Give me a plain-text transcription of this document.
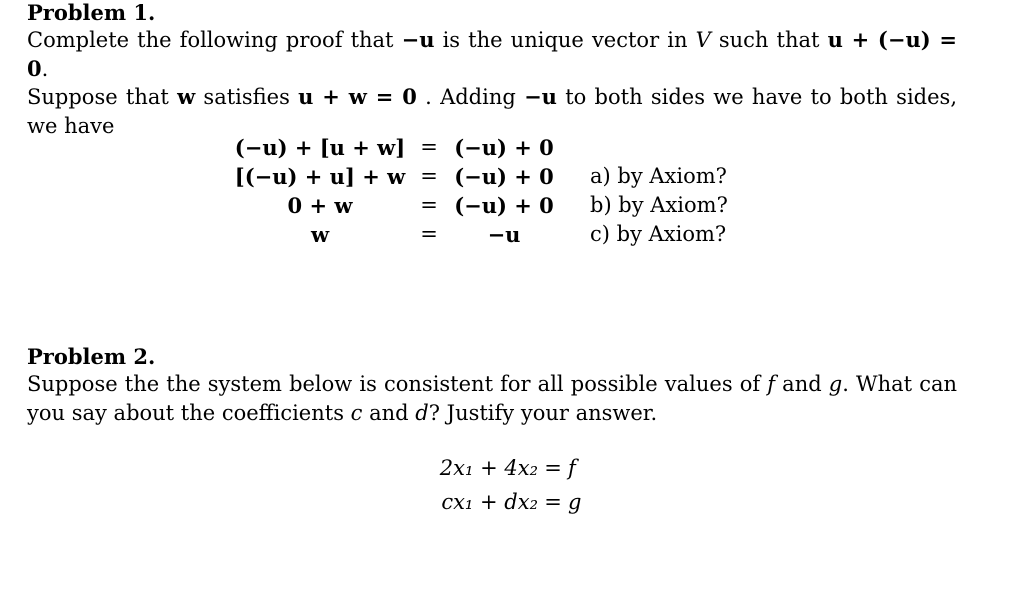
Problem 1.
Complete the following proof that −u is the unique vector in V such that u + (−u) = 0.
Suppose that w satisfies u + w = 0 . Adding −u to both sides we have to both sides, we have
(−u) + [u + w] = (−u) + 0
[(−u) + u] + w = (−u) + 0 a) by Axiom?
0 + w	= (−u) + 0 b) by Axiom?
w	=	−u	c) by Axiom?
Problem 2.
Suppose the the system below is consistent for all possible values of f and g. What can you say about the coefficients c and d? Justify your answer.
2x₁ + 4x₂ = f
cx₁ + dx₂ = g
